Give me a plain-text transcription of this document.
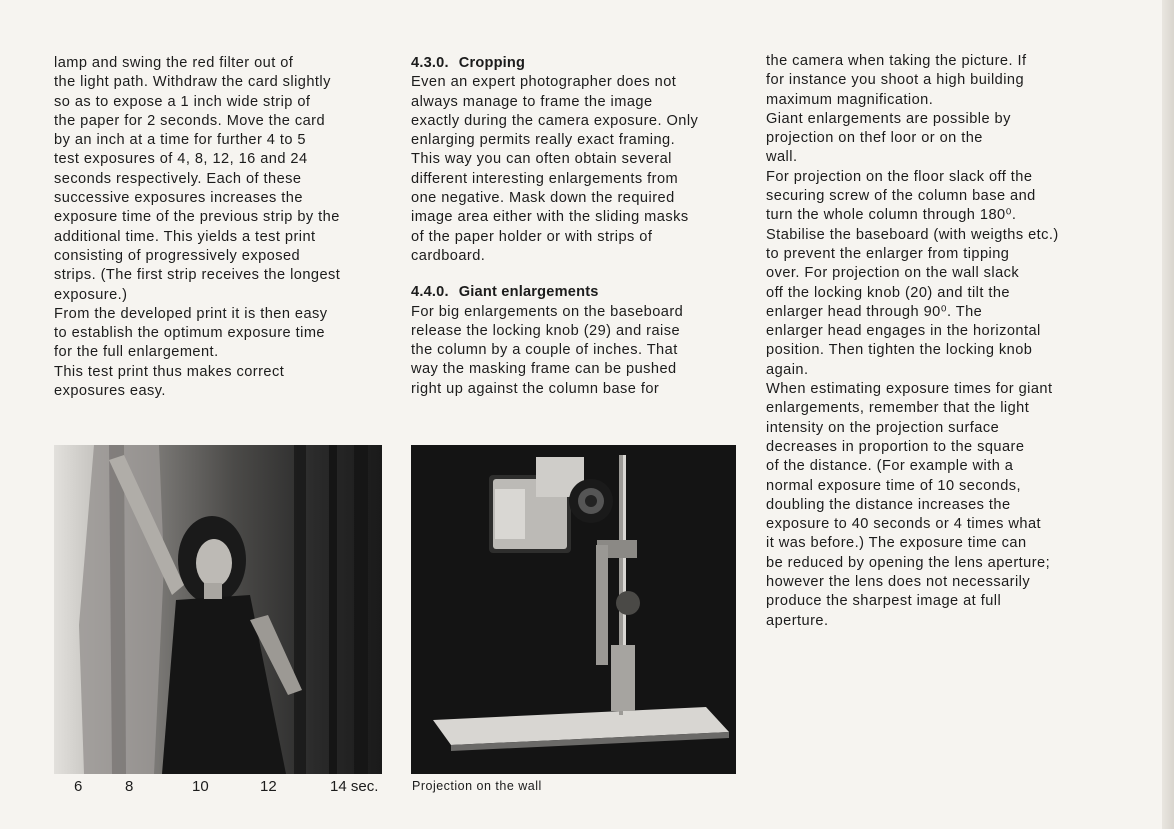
lamp and swing the red filter out of

the light path. Withdraw the card slightly

so as to expose a 1 inch wide strip of

the paper for 2 seconds. Move the card

by an inch at a time for further 4 to 5

test exposures of 4, 8, 12, 16 and 24

seconds respectively. Each of these

successive exposures increases the

exposure time of the previous strip by the

additional time. This yields a test print

consisting of progressively exposed

strips. (The first strip receives the longest

exposure.)

From the developed print it is then easy

to establish the optimum exposure time

for the full enlargement.

This test print thus makes correct

exposures easy.

4.3.0. Cropping

Even an expert photographer does not

always manage to frame the image

exactly during the camera exposure. Only

enlarging permits really exact framing.

This way you can often obtain several

different interesting enlargements from

one negative. Mask down the required

image area either with the sliding masks

of the paper holder or with strips of

cardboard.

4.4.0. Giant enlargements

For big enlargements on the baseboard

release the locking knob (29) and raise

the column by a couple of inches. That

way the masking frame can be pushed

right up against the column base for

the camera when taking the picture. If

for instance you shoot a high building

maximum magnification.

Giant enlargements are possible by

projection on thef loor or on the

wall.

For projection on the floor slack off the

securing screw of the column base and

turn the whole column through 180⁰.

Stabilise the baseboard (with weigths etc.)

to prevent the enlarger from tipping

over. For projection on the wall slack

off the locking knob (20) and tilt the

enlarger head through 90⁰. The

enlarger head engages in the horizontal

position. Then tighten the locking knob

again.

When estimating exposure times for giant

enlargements, remember that the light

intensity on the projection surface

decreases in proportion to the square

of the distance. (For example with a

normal exposure time of 10 seconds,

doubling the distance increases the

exposure to 40 seconds or 4 times what

it was before.) The exposure time can

be reduced by opening the lens aperture;

however the lens does not necessarily

produce the sharpest image at full

aperture.

6	8	10	12	14 sec.	Projection on the wall
